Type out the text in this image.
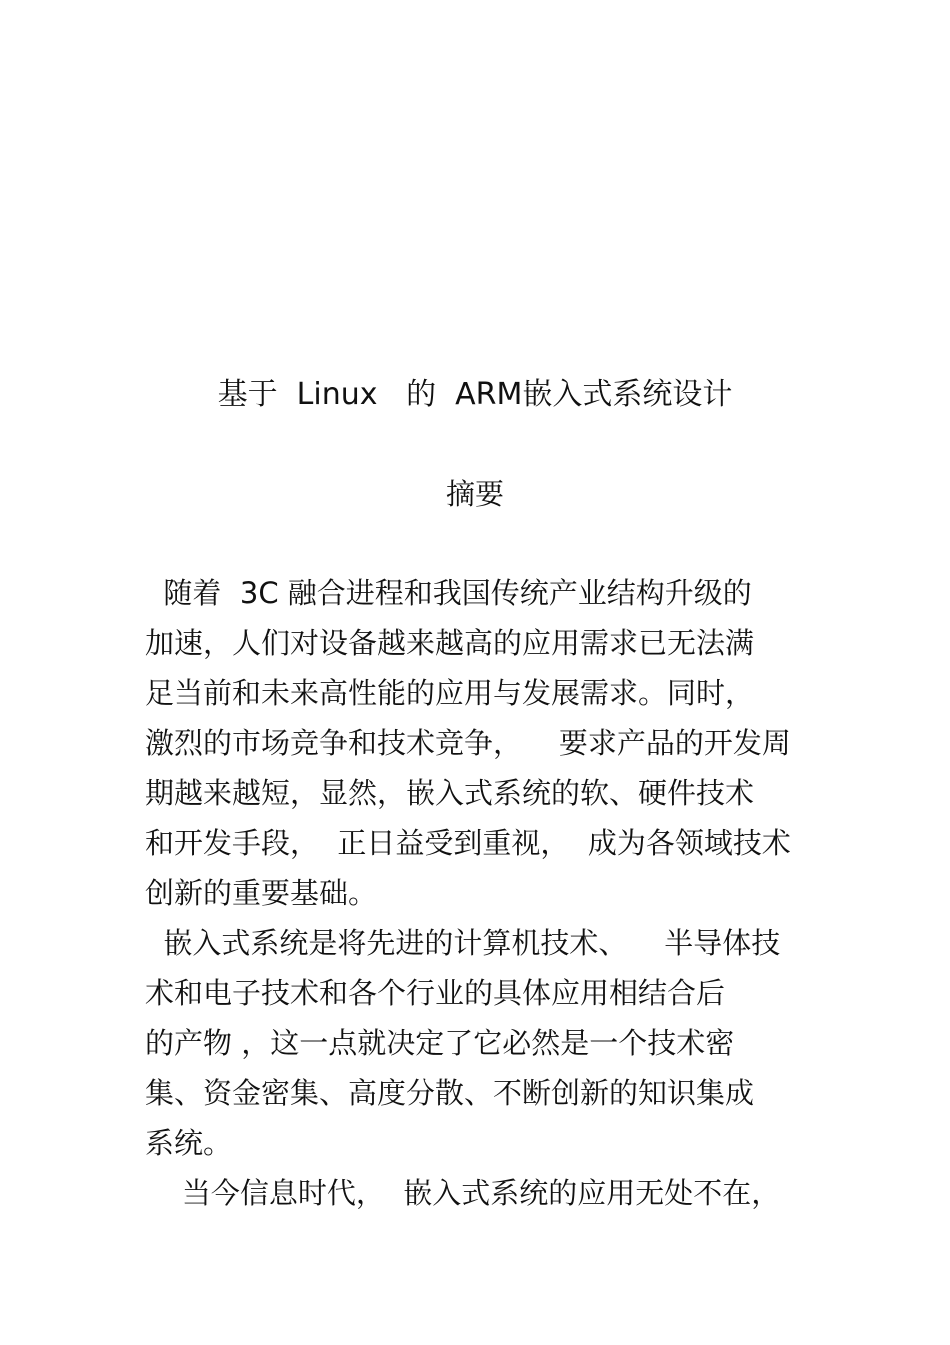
基于  Linux   的  ARM嵌入式系统设计
摘要
随着  3C 融合进程和我国传统产业结构升级的
加速，人们对设备越来越高的应用需求已无法满
足当前和未来高性能的应用与发展需求。同时，
激烈的市场竞争和技术竞争，    要求产品的开发周
期越来越短，显然，嵌入式系统的软、硬件技术
和开发手段，  正日益受到重视，  成为各领域技术
创新的重要基础。
嵌入式系统是将先进的计算机技术、    半导体技
术和电子技术和各个行业的具体应用相结合后
的产物 ，这一点就决定了它必然是一个技术密
集、资金密集、高度分散、不断创新的知识集成
系统。
当今信息时代，  嵌入式系统的应用无处不在，
